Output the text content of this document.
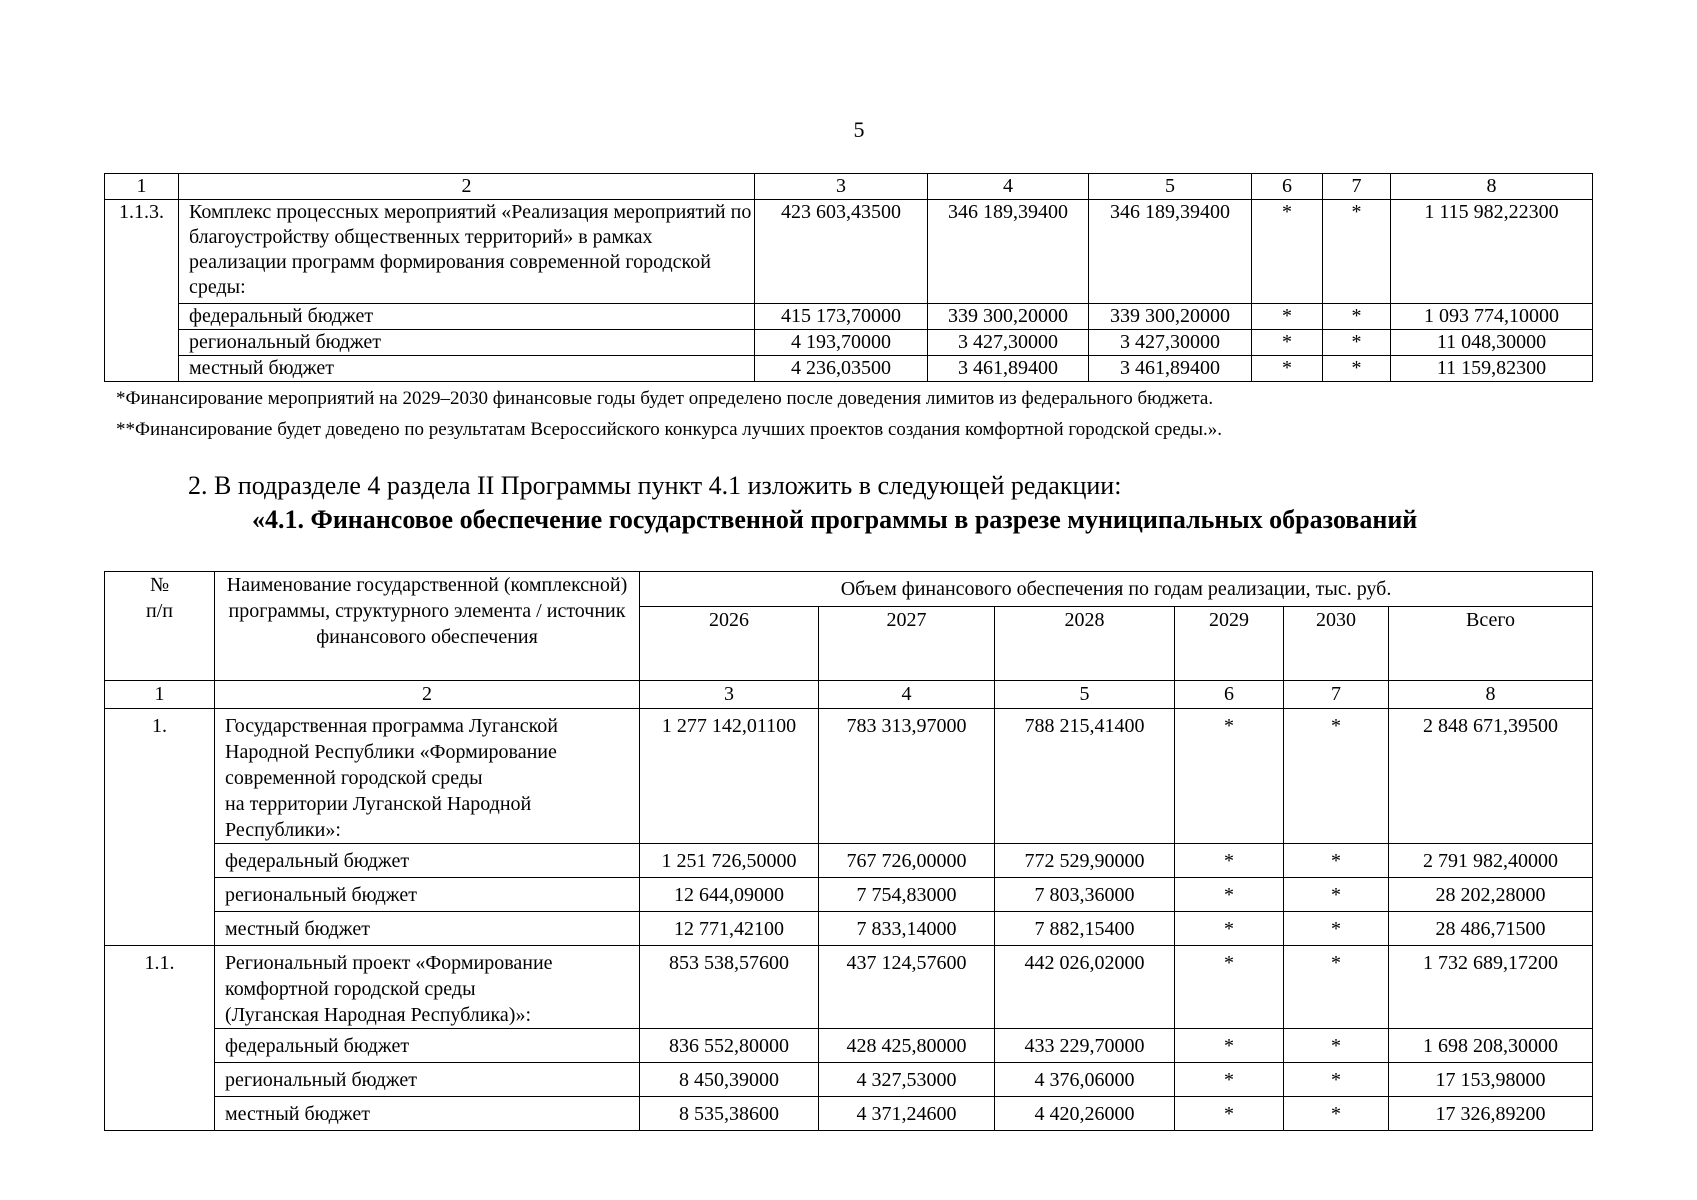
5
1	2	3	4	5	6	7	8
1.1.3.	Комплекс процессных мероприятий «Реализация мероприятий по благоустройству общественных территорий» в рамках реализации программ формирования современной городской среды:	423 603,43500	346 189,39400	346 189,39400	*	*	1 115 982,22300
	федеральный бюджет	415 173,70000	339 300,20000	339 300,20000	*	*	1 093 774,10000
	региональный бюджет	4 193,70000	3 427,30000	3 427,30000	*	*	11 048,30000
	местный бюджет	4 236,03500	3 461,89400	3 461,89400	*	*	11 159,82300
*Финансирование мероприятий на 2029–2030 финансовые годы будет определено после доведения лимитов из федерального бюджета.
**Финансирование будет доведено по результатам Всероссийского конкурса лучших проектов создания комфортной городской среды.».
2. В подразделе 4 раздела II Программы пункт 4.1 изложить в следующей редакции:
«4.1. Финансовое обеспечение государственной программы в разрезе муниципальных образований
№
п/п	Наименование государственной (комплексной) программы, структурного элемента / источник финансового обеспечения	Объем финансового обеспечения по годам реализации, тыс. руб.					
		2026	2027	2028	2029	2030	Всего
1	2	3	4	5	6	7	8
1.	Государственная программа Луганской Народной Республики «Формирование современной городской среды
на территории Луганской Народной Республики»:	1 277 142,01100	783 313,97000	788 215,41400	*	*	2 848 671,39500
	федеральный бюджет	1 251 726,50000	767 726,00000	772 529,90000	*	*	2 791 982,40000
	региональный бюджет	12 644,09000	7 754,83000	7 803,36000	*	*	28 202,28000
	местный бюджет	12 771,42100	7 833,14000	7 882,15400	*	*	28 486,71500
1.1.	Региональный проект «Формирование комфортной городской среды
(Луганская Народная Республика)»:	853 538,57600	437 124,57600	442 026,02000	*	*	1 732 689,17200
	федеральный бюджет	836 552,80000	428 425,80000	433 229,70000	*	*	1 698 208,30000
	региональный бюджет	8 450,39000	4 327,53000	4 376,06000	*	*	17 153,98000
	местный бюджет	8 535,38600	4 371,24600	4 420,26000	*	*	17 326,89200
